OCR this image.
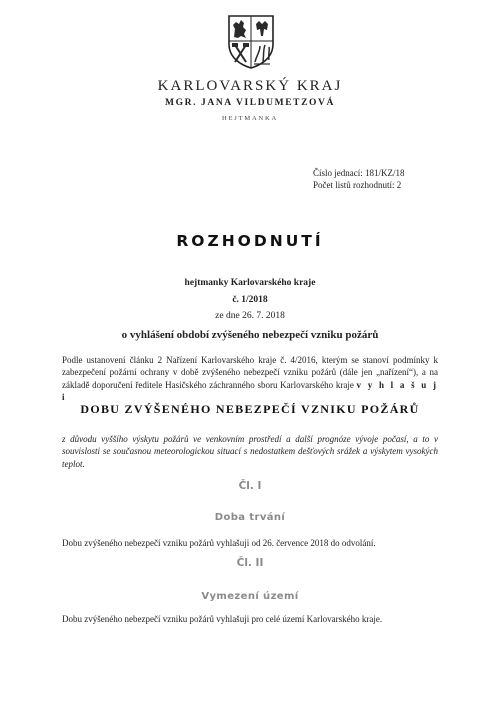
KARLOVARSKÝ KRAJ
MGR. JANA VILDUMETZOVÁ
HEJTMANKA
Číslo jednací: 181/KZ/18
Počet listů rozhodnutí: 2
ROZHODNUTÍ
hejtmanky Karlovarského kraje
č. 1/2018
ze dne 26. 7. 2018
o vyhlášení období zvýšeného nebezpečí vzniku požárů
Podle ustanovení článku 2 Nařízení Karlovarského kraje č. 4/2016, kterým se stanoví podmínky k zabezpečení požární ochrany v době zvýšeného nebezpečí vzniku požárů (dále jen „nařízení“), a na základě doporučení ředitele Hasičského záchranného sboru Karlovarského kraje v y h l a š u j i
DOBU ZVÝŠENÉHO NEBEZPEČÍ VZNIKU POŽÁRŮ
z důvodu vyššího výskytu požárů ve venkovním prostředí a další prognóze vývoje počasí, a to v souvislosti se současnou meteorologickou situací s nedostatkem dešťových srážek a výskytem vysokých teplot.
Čl. I
Doba trvání
Dobu zvýšeného nebezpečí vzniku požárů vyhlašuji od 26. července 2018 do odvolání.
Čl. II
Vymezení území
Dobu zvýšeného nebezpečí vzniku požárů vyhlašuji pro celé území Karlovarského kraje.
